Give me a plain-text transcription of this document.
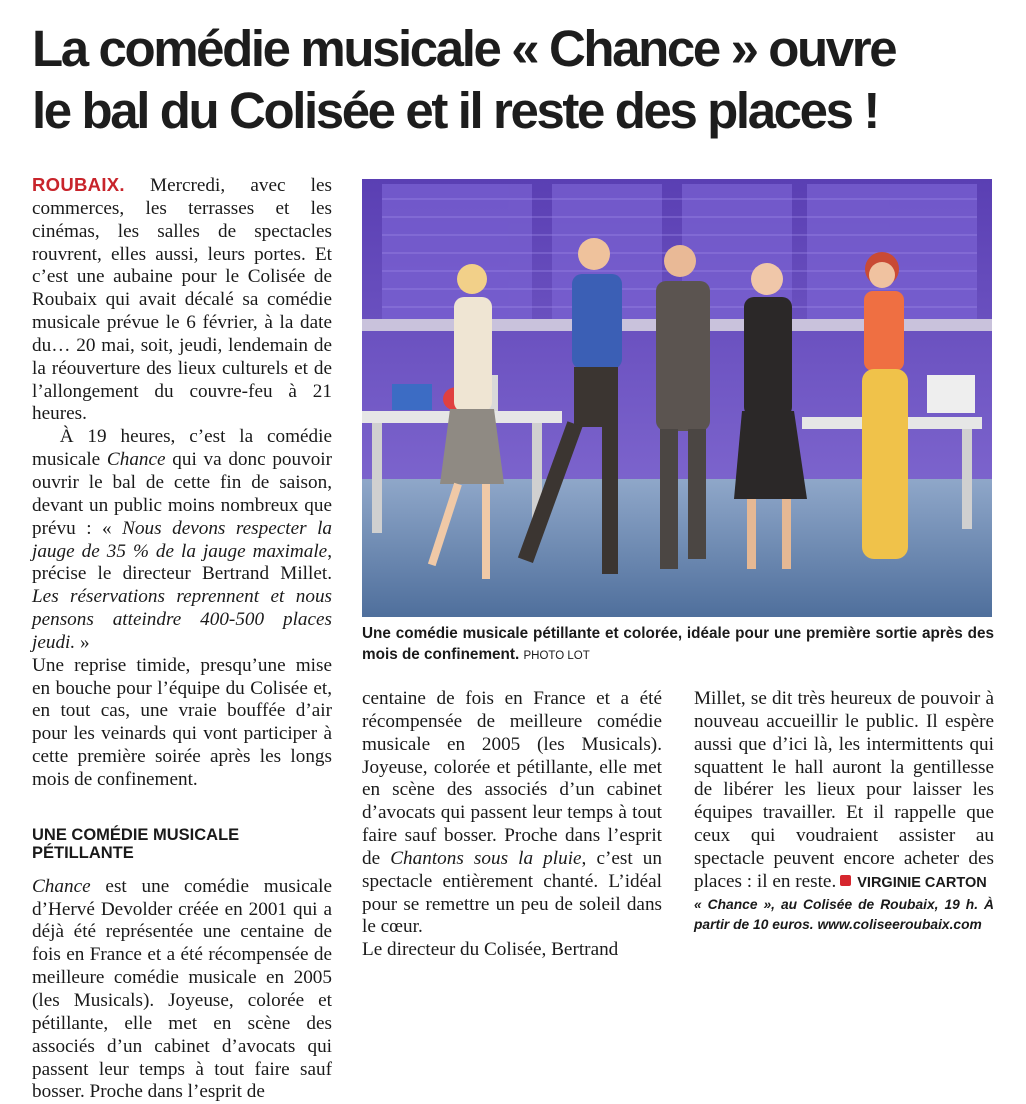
La comédie musicale « Chance » ouvre
le bal du Colisée et il reste des places !

ROUBAIX. Mercredi, avec les commerces, les terrasses et les cinémas, les salles de spectacles rouvrent, elles aussi, leurs portes. Et c’est une aubaine pour le Colisée de Roubaix qui avait décalé sa comédie musicale prévue le 6 février, à la date du… 20 mai, soit, jeudi, lendemain de la réouverture des lieux culturels et de l’allongement du couvre-feu à 21 heures.

À 19 heures, c’est la comédie musicale Chance qui va donc pouvoir ouvrir le bal de cette fin de saison, devant un public moins nombreux que prévu : « Nous devons respecter la jauge de 35 % de la jauge maximale, précise le directeur Bertrand Millet. Les réservations reprennent et nous pensons atteindre 400-500 places jeudi. »

Une reprise timide, presqu’une mise en bouche pour l’équipe du Colisée et, en tout cas, une vraie bouffée d’air pour les veinards qui vont participer à cette première soirée après les longs mois de confinement.

UNE COMÉDIE MUSICALE PÉTILLANTE

Chance est une comédie musicale d’Hervé Devolder créée en 2001 qui a déjà été représentée une centaine de fois en France et a été récompensée de meilleure comédie musicale en 2005 (les Musicals). Joyeuse, colorée et pétillante, elle met en scène des associés d’un cabinet d’avocats qui passent leur temps à tout faire sauf bosser. Proche dans l’esprit de

Une comédie musicale pétillante et colorée, idéale pour une première sortie après des mois de confinement. PHOTO LOT

centaine de fois en France et a été récompensée de meilleure comédie musicale en 2005 (les Musicals). Joyeuse, colorée et pétillante, elle met en scène des associés d’un cabinet d’avocats qui passent leur temps à tout faire sauf bosser. Proche dans l’esprit de Chantons sous la pluie, c’est un spectacle entièrement chanté. L’idéal pour se remettre un peu de soleil dans le cœur.

Le directeur du Colisée, Bertrand

Millet, se dit très heureux de pouvoir à nouveau accueillir le public. Il espère aussi que d’ici là, les intermittents qui squattent le hall auront la gentillesse de libérer les lieux pour laisser les équipes travailler. Et il rappelle que ceux qui voudraient assister au spectacle peuvent encore acheter des places : il en reste. VIRGINIE CARTON

« Chance », au Colisée de Roubaix, 19 h. À partir de 10 euros. www.coliseeroubaix.com
